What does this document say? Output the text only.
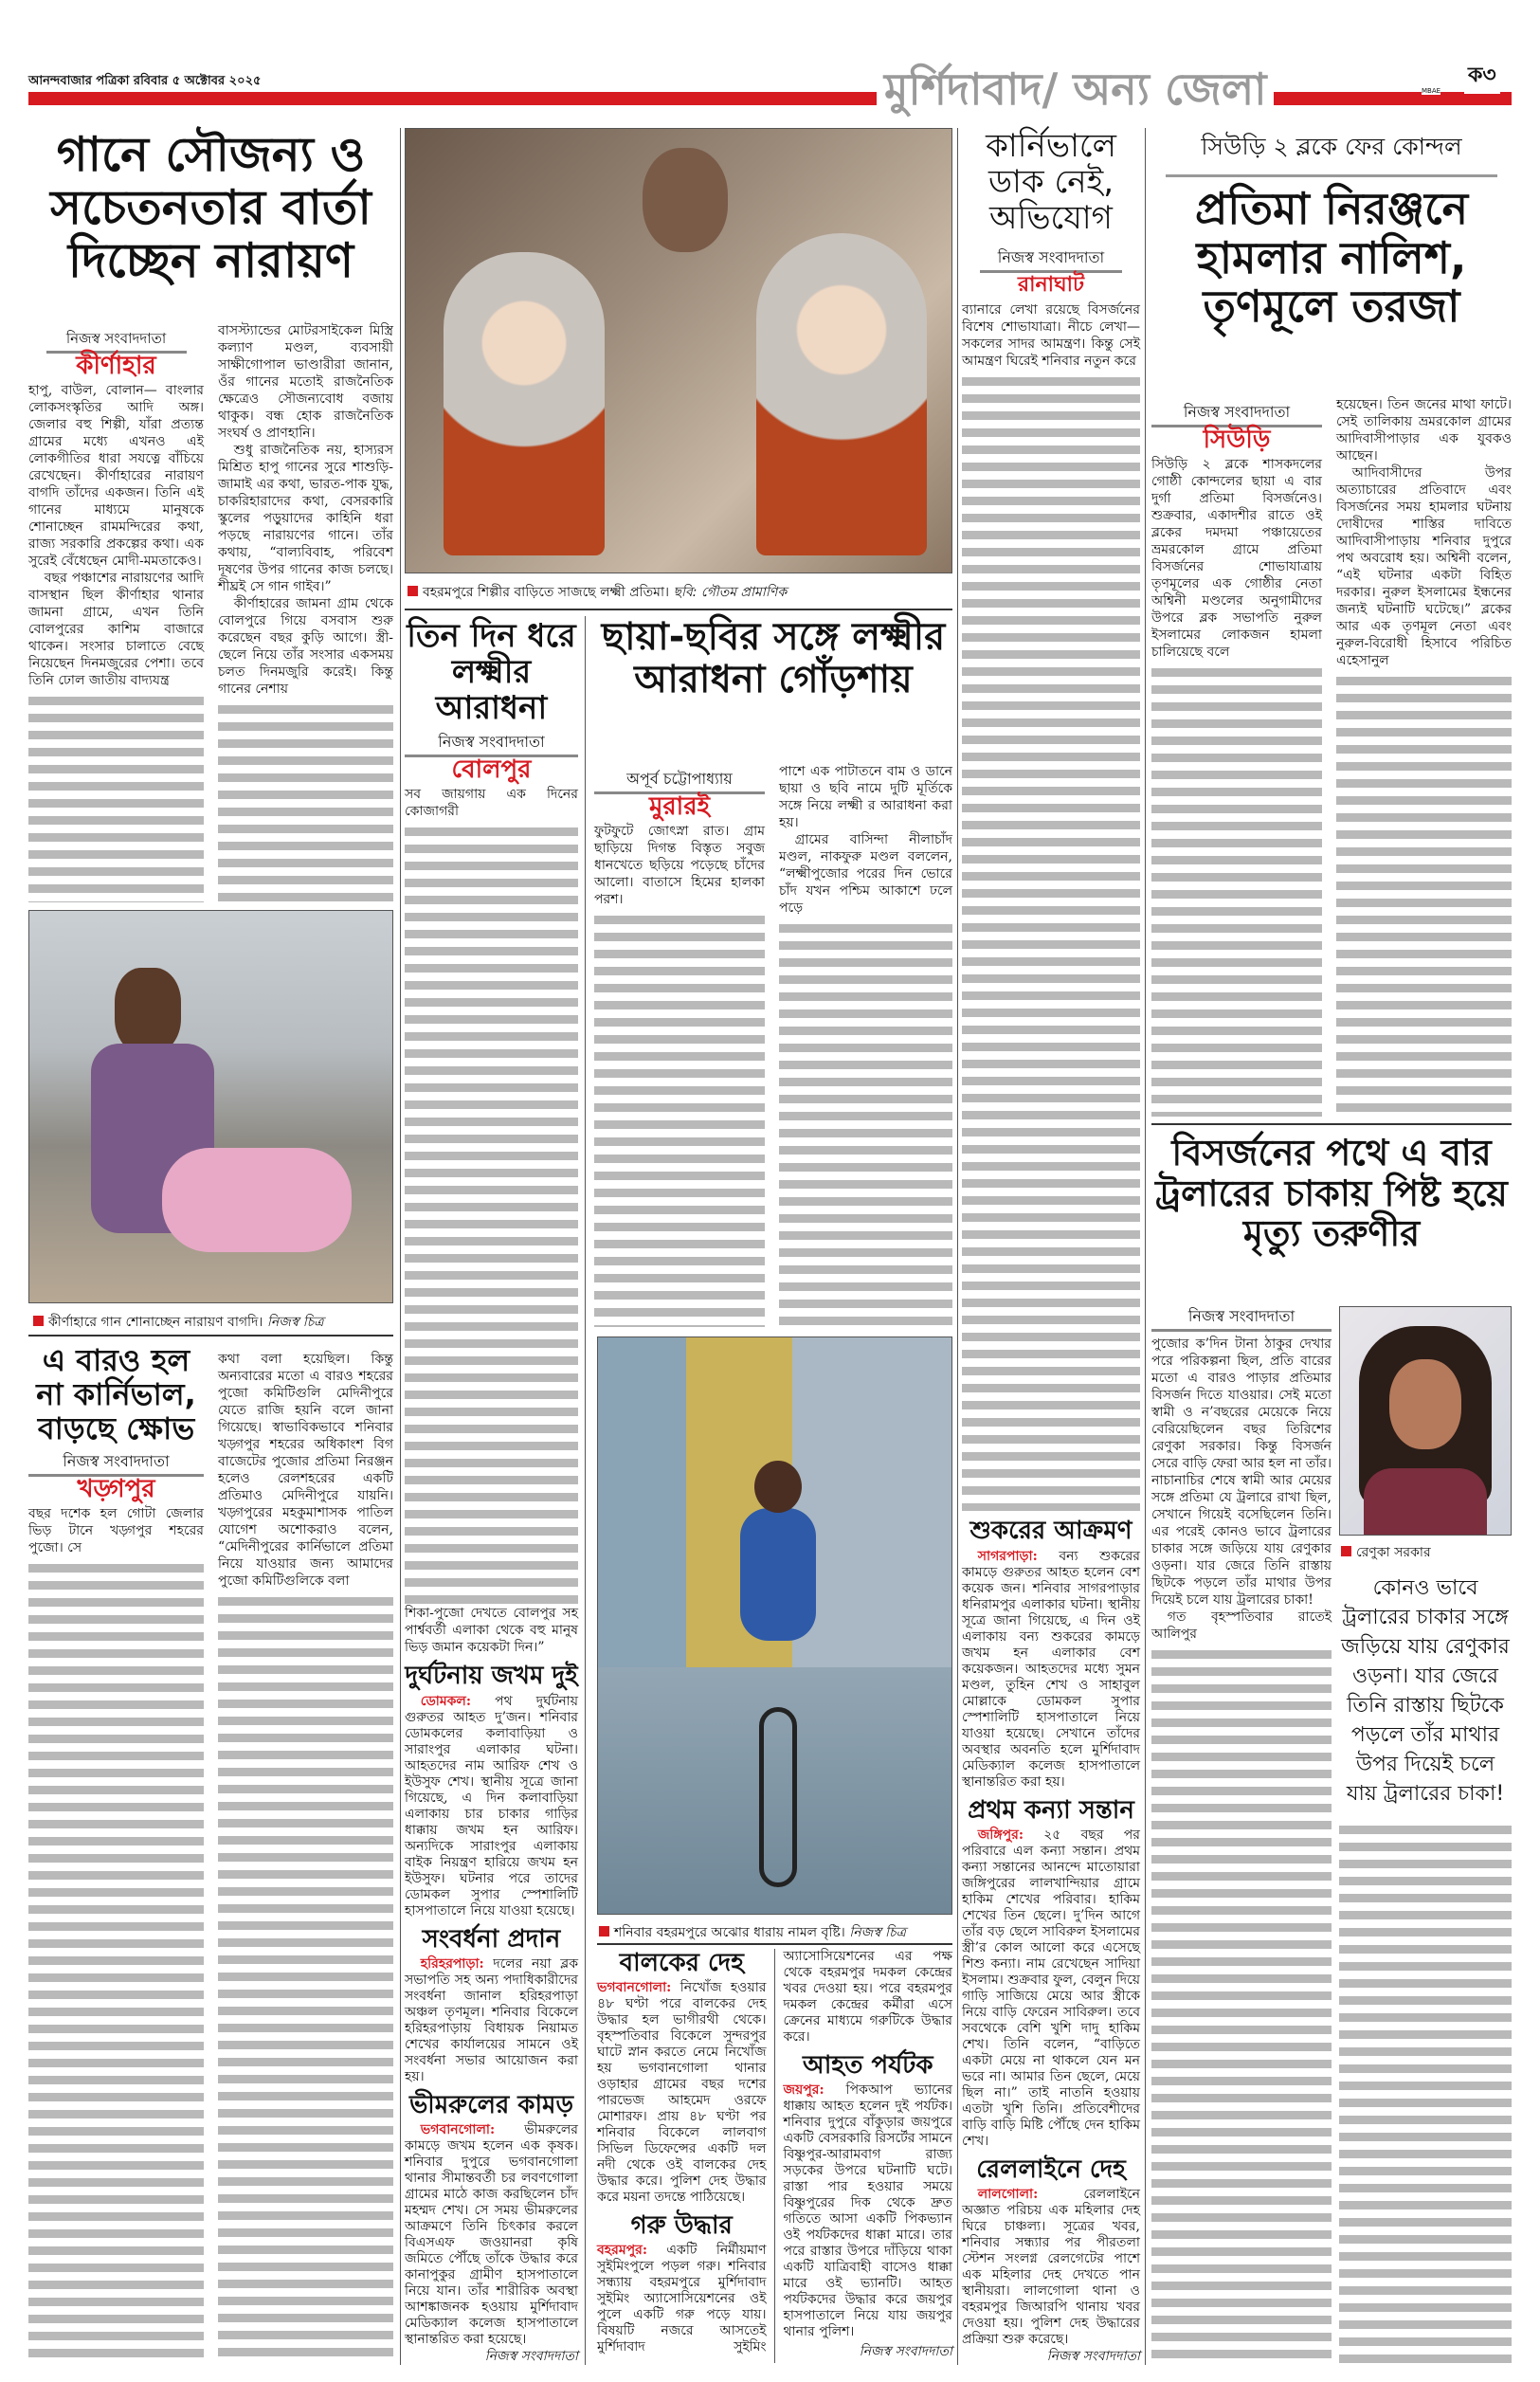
আনন্দবাজার পত্রিকা রবিবার ৫ অক্টোবর ২০২৫	মুর্শিদাবাদ/ অন্য জেলা	MBAE
ক৩
গানে সৌজন্য ও সচেতনতার বার্তা দিচ্ছেন নারায়ণ
নিজস্ব সংবাদদাতা
কীর্ণাহার

হাপু, বাউল, বোলান— বাংলার লোকসংস্কৃতির আদি অঙ্গ। জেলার বহু শিল্পী, যাঁরা প্রত্যন্ত গ্রামের মধ্যে এখনও এই লোকগীতির ধারা সযত্নে বাঁচিয়ে রেখেছেন। কীর্ণাহারের নারায়ণ বাগদি তাঁদের একজন। তিনি এই গানের মাধ্যমে মানুষকে শোনাচ্ছেন রামমন্দিরের কথা, রাজ্য সরকারি প্রকল্পের কথা। এক সুরেই বেঁধেছেন মোদী-মমতাকেও।

বছর পঞ্চাশের নারায়ণের আদি বাসস্থান ছিল কীর্ণাহার থানার জামনা গ্রামে, এখন তিনি বোলপুরের কাশিম বাজারে থাকেন। সংসার চালাতে বেছে নিয়েছেন দিনমজুরের পেশা। তবে তিনি ঢোল জাতীয় বাদ্যযন্ত্র

বাসস্ট্যান্ডের মোটরসাইকেল মিস্ত্রি কল্যাণ মণ্ডল, ব্যবসায়ী সাক্ষীগোপাল ভাণ্ডারীরা জানান, ওঁর গানের মতোই রাজনৈতিক ক্ষেত্রেও সৌজন্যবোধ বজায় থাকুক। বন্ধ হোক রাজনৈতিক সংঘর্ষ ও প্রাণহানি।

শুধু রাজনৈতিক নয়, হাস্যরস মিশ্রিত হাপু গানের সুরে শাশুড়ি-জামাই এর কথা, ভারত-পাক যুদ্ধ, চাকরিহারাদের কথা, বেসরকারি স্কুলের পড়ুয়াদের কাহিনি ধরা পড়ছে নারায়ণের গানে। তাঁর কথায়, “বাল্যবিবাহ, পরিবেশ দূষণের উপর গানের কাজ চলছে। শীঘ্রই সে গান গাইব।”

কীর্ণাহারের জামনা গ্রাম থেকে বোলপুরে গিয়ে বসবাস শুরু করেছেন বছর কুড়ি আগে। স্ত্রী-ছেলে নিয়ে তাঁর সংসার একসময় চলত দিনমজুরি করেই। কিন্তু গানের নেশায়

কীর্ণাহারে গান শোনাচ্ছেন নারায়ণ বাগদি। নিজস্ব চিত্র
এ বারও হল না কার্নিভাল, বাড়ছে ক্ষোভ
নিজস্ব সংবাদদাতা
খড়্গপুর

বছর দশেক হল গোটা জেলার ভিড় টানে খড়্গপুর শহরের পুজো। সে

কথা বলা হয়েছিল। কিন্তু অন্যবারের মতো এ বারও শহরের পুজো কমিটিগুলি মেদিনীপুরে যেতে রাজি হয়নি বলে জানা গিয়েছে। স্বাভাবিকভাবে শনিবার খড়্গপুর শহরের অধিকাংশ বিগ বাজেটের পুজোর প্রতিমা নিরঞ্জন হলেও রেলশহরের একটি প্রতিমাও মেদিনীপুরে যায়নি। খড়্গপুরের মহকুমাশাসক পাতিল যোগেশ অশোকরাও বলেন, “মেদিনীপুরের কার্নিভালে প্রতিমা নিয়ে যাওয়ার জন্য আমাদের পুজো কমিটিগুলিকে বলা

বহরমপুরে শিল্পীর বাড়িতে সাজছে লক্ষ্মী প্রতিমা। ছবি: গৌতম প্রামাণিক
তিন দিন ধরে লক্ষ্মীর আরাধনা
নিজস্ব সংবাদদাতা
বোলপুর

সব জায়গায় এক দিনের কোজাগরী

শিকা-পুজো দেখতে বোলপুর সহ পার্শ্ববর্তী এলাকা থেকে বহু মানুষ ভিড় জমান কয়েকটা দিন।”

দুর্ঘটনায় জখম দুই

ডোমকল: পথ দুর্ঘটনায় গুরুতর আহত দু’জন। শনিবার ডোমকলের কলাবাড়িয়া ও সারাংপুর এলাকার ঘটনা। আহতদের নাম আরিফ শেখ ও ইউসুফ শেখ। স্থানীয় সূত্রে জানা গিয়েছে, এ দিন কলাবাড়িয়া এলাকায় চার চাকার গাড়ির ধাক্কায় জখম হন আরিফ। অন্যদিকে সারাংপুর এলাকায় বাইক নিয়ন্ত্রণ হারিয়ে জখম হন ইউসুফ। ঘটনার পরে তাদের ডোমকল সুপার স্পেশালিটি হাসপাতালে নিয়ে যাওয়া হয়েছে।

সংবর্ধনা প্রদান

হরিহরপাড়া: দলের নয়া ব্লক সভাপতি সহ অন্য পদাধিকারীদের সংবর্ধনা জানাল হরিহরপাড়া অঞ্চল তৃণমূল। শনিবার বিকেলে হরিহরপাড়ায় বিধায়ক নিয়ামত শেখের কার্যালয়ের সামনে ওই সংবর্ধনা সভার আয়োজন করা হয়।

ভীমরুলের কামড়

ভগবানগোলা: ভীমরুলের কামড়ে জখম হলেন এক কৃষক। শনিবার দুপুরে ভগবানগোলা থানার সীমান্তবর্তী চর লবণগোলা গ্রামের মাঠে কাজ করছিলেন চাঁদ মহম্মদ শেখ। সে সময় ভীমরুলের আক্রমণে তিনি চিৎকার করলে বিএসএফ জওয়ানরা কৃষি জমিতে পৌঁছে তাঁকে উদ্ধার করে কানাপুকুর গ্রামীণ হাসপাতালে নিয়ে যান। তাঁর শারীরিক অবস্থা আশঙ্কাজনক হওয়ায় মুর্শিদাবাদ মেডিক্যাল কলেজ হাসপাতালে স্থানান্তরিত করা হয়েছে।

নিজস্ব সংবাদদাতা
ছায়া-ছবির সঙ্গে লক্ষ্মীর আরাধনা গোঁড়শায়
অপূর্ব চট্টোপাধ্যায়
মুরারই

ফুটফুটে জোৎস্না রাত। গ্রাম ছাড়িয়ে দিগন্ত বিস্তৃত সবুজ ধানখেতে ছড়িয়ে পড়েছে চাঁদের আলো। বাতাসে হিমের হালকা পরশ।

পাশে এক পাটাতনে বাম ও ডানে ছায়া ও ছবি নামে দুটি মূর্তিকে সঙ্গে নিয়ে লক্ষ্মী র আরাধনা করা হয়।

গ্রামের বাসিন্দা নীলাচাঁদ মণ্ডল, নাকফুরু মণ্ডল বললেন, “লক্ষ্মীপুজোর পরের দিন ভোরে চাঁদ যখন পশ্চিম আকাশে ঢলে পড়ে

শনিবার বহরমপুরে অঝোর ধারায় নামল বৃষ্টি। নিজস্ব চিত্র
বালকের দেহ

ভগবানগোলা: নিখোঁজ হওয়ার ৪৮ ঘণ্টা পরে বালকের দেহ উদ্ধার হল ভাগীরথী থেকে। বৃহস্পতিবার বিকেলে সুন্দরপুর ঘাটে স্নান করতে নেমে নিখোঁজ হয় ভগবানগোলা থানার ওড়াহার গ্রামের বছর দশের পারভেজ আহমেদ ওরফে মোশারফ। প্রায় ৪৮ ঘণ্টা পর শনিবার বিকেলে লালবাগ সিভিল ডিফেন্সের একটি দল নদী থেকে ওই বালকের দেহ উদ্ধার করে। পুলিশ দেহ উদ্ধার করে ময়না তদন্তে পাঠিয়েছে।

গরু উদ্ধার

বহরমপুর: একটি নির্মীয়মাণ সুইমিংপুলে পড়ল গরু। শনিবার সন্ধ্যায় বহরমপুরে মুর্শিদাবাদ সুইমিং অ্যাসোসিয়েশনের ওই পুলে একটি গরু পড়ে যায়। বিষয়টি নজরে আসতেই মুর্শিদাবাদ সুইমিং অ্যাসোসিয়েশনের এর পক্ষ থেকে বহরমপুর দমকল কেন্দ্রের খবর দেওয়া হয়। পরে বহরমপুর দমকল কেন্দ্রের কর্মীরা এসে ক্রেনের মাধ্যমে গরুটিকে উদ্ধার করে।

আহত পর্যটক

জয়পুর: পিকআপ ভ্যানের ধাক্কায় আহত হলেন দুই পর্যটক। শনিবার দুপুরে বাঁকুড়ার জয়পুরে একটি বেসরকারি রিসর্টের সামনে বিষ্ণুপুর-আরামবাগ রাজ্য সড়কের উপরে ঘটনাটি ঘটে। রাস্তা পার হওয়ার সময়ে বিষ্ণুপুরের দিক থেকে দ্রুত গতিতে আসা একটি পিকভ্যান ওই পর্যটকদের ধাক্কা মারে। তার পরে রাস্তার উপরে দাঁড়িয়ে থাকা একটি যাত্রিবাহী বাসেও ধাক্কা মারে ওই ভ্যানটি। আহত পর্যটকদের উদ্ধার করে জয়পুর হাসপাতালে নিয়ে যায় জয়পুর থানার পুলিশ।

নিজস্ব সংবাদদাতা
কার্নিভালে ডাক নেই, অভিযোগ
নিজস্ব সংবাদদাতা
রানাঘাট

ব্যানারে লেখা রয়েছে বিসর্জনের বিশেষ শোভাযাত্রা। নীচে লেখা— সকলের সাদর আমন্ত্রণ। কিন্তু সেই আমন্ত্রণ ঘিরেই শনিবার নতুন করে

শুকরের আক্রমণ

সাগরপাড়া: বন্য শুকরের কামড়ে গুরুতর আহত হলেন বেশ কয়েক জন। শনিবার সাগরপাড়ার ধনিরামপুর এলাকার ঘটনা। স্থানীয় সূত্রে জানা গিয়েছে, এ দিন ওই এলাকায় বন্য শুকরের কামড়ে জখম হন এলাকার বেশ কয়েকজন। আহতদের মধ্যে সুমন মণ্ডল, তুহিন শেখ ও সাহাবুল মোল্লাকে ডোমকল সুপার স্পেশালিটি হাসপাতালে নিয়ে যাওয়া হয়েছে। সেখানে তাঁদের অবস্থার অবনতি হলে মুর্শিদাবাদ মেডিক্যাল কলেজ হাসপাতালে স্থানান্তরিত করা হয়।

প্রথম কন্যা সন্তান

জঙ্গিপুর: ২৫ বছর পর পরিবারে এল কন্যা সন্তান। প্রথম কন্যা সন্তানের আনন্দে মাতোয়ারা জঙ্গিপুরের লালখান্দিয়ার গ্রামে হাকিম শেখের পরিবার। হাকিম শেখের তিন ছেলে। দু’দিন আগে তাঁর বড় ছেলে সাবিরুল ইসলামের স্ত্রী’র কোল আলো করে এসেছে শিশু কন্যা। নাম রেখেছেন সাদিয়া ইসলাম। শুক্রবার ফুল, বেলুন দিয়ে গাড়ি সাজিয়ে মেয়ে আর স্ত্রীকে নিয়ে বাড়ি ফেরেন সাবিরুল। তবে সবথেকে বেশি খুশি দাদু হাকিম শেখ। তিনি বলেন, “বাড়িতে একটা মেয়ে না থাকলে যেন মন ভরে না। আমার তিন ছেলে, মেয়ে ছিল না।” তাই নাতনি হওয়ায় এতটা খুশি তিনি। প্রতিবেশীদের বাড়ি বাড়ি মিষ্টি পৌঁছে দেন হাকিম শেখ।

রেললাইনে দেহ

লালগোলা:	রেললাইনে অজ্ঞাত পরিচয় এক মহিলার দেহ ঘিরে চাঞ্চল্য। সূত্রের খবর, শনিবার সন্ধ্যার পর পীরতলা স্টেশন সংলগ্ন রেলগেটের পাশে এক মহিলার দেহ দেখতে পান স্থানীয়রা। লালগোলা থানা ও বহরমপুর জিআরপি থানায় খবর দেওয়া হয়। পুলিশ দেহ উদ্ধারের প্রক্রিয়া শুরু করেছে।

নিজস্ব সংবাদদাতা
সিউড়ি ২ ব্লকে ফের কোন্দল
প্রতিমা নিরঞ্জনে হামলার নালিশ, তৃণমূলে তরজা
নিজস্ব সংবাদদাতা
সিউড়ি

সিউড়ি ২ ব্লকে শাসকদলের গোষ্ঠী কোন্দলের ছায়া এ বার দুর্গা প্রতিমা বিসর্জনেও। শুক্রবার, একাদশীর রাতে ওই ব্লকের দমদমা পঞ্চায়েতের ভ্রমরকোল গ্রামে প্রতিমা বিসর্জনের শোভাযাত্রায় তৃণমূলের এক গোষ্ঠীর নেতা অশ্বিনী মণ্ডলের অনুগামীদের উপরে ব্লক সভাপতি নুরুল ইসলামের লোকজন হামলা চালিয়েছে বলে

হয়েছেন। তিন জনের মাথা ফাটে। সেই তালিকায় ভ্রমরকোল গ্রামের আদিবাসীপাড়ার এক যুবকও আছেন।

আদিবাসীদের উপর অত্যাচারের প্রতিবাদে এবং বিসর্জনের সময় হামলার ঘটনায় দোষীদের শাস্তির দাবিতে আদিবাসীপাড়ায় শনিবার দুপুরে পথ অবরোধ হয়। অশ্বিনী বলেন, “এই ঘটনার একটা বিহিত দরকার। নুরুল ইসলামের ইন্ধনের জন্যই ঘটনাটি ঘটেছে।” ব্লকের আর এক তৃণমূল নেতা এবং নুরুল-বিরোধী হিসাবে পরিচিত এহেসানুল

বিসর্জনের পথে এ বার ট্রলারের চাকায় পিষ্ট হয়ে মৃত্যু তরুণীর
নিজস্ব সংবাদদাতা

পুজোর ক’দিন টানা ঠাকুর দেখার পরে পরিকল্পনা ছিল, প্রতি বারের মতো এ বারও পাড়ার প্রতিমার বিসর্জন দিতে যাওয়ার। সেই মতো স্বামী ও ন’বছরের মেয়েকে নিয়ে বেরিয়েছিলেন বছর তিরিশের রেণুকা সরকার। কিন্তু বিসর্জন সেরে বাড়ি ফেরা আর হল না তাঁর। নাচানাচির শেষে স্বামী আর মেয়ের সঙ্গে প্রতিমা যে ট্রলারে রাখা ছিল, সেখানে গিয়েই বসেছিলেন তিনি। এর পরেই কোনও ভাবে ট্রলারের চাকার সঙ্গে জড়িয়ে যায় রেণুকার ওড়না। যার জেরে তিনি রাস্তায় ছিটকে পড়লে তাঁর মাথার উপর দিয়েই চলে যায় ট্রলারের চাকা!

গত বৃহস্পতিবার রাতেই আলিপুর

রেণুকা সরকার
কোনও ভাবে ট্রলারের চাকার সঙ্গে জড়িয়ে যায় রেণুকার ওড়না। যার জেরে তিনি রাস্তায় ছিটকে পড়লে তাঁর মাথার উপর দিয়েই চলে যায় ট্রলারের চাকা!
